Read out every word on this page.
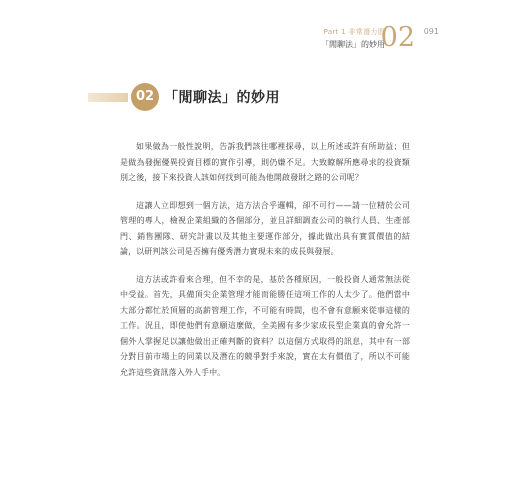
Part 1 非常潛力股
「閒聊法」的妙用
02 091
02 「閒聊法」的妙用

如果做為一般性說明，告訴我們該往哪裡探尋，以上所述或許有所助益；但是做為發掘優異投資目標的實作引導，則仍嫌不足。大致瞭解所應尋求的投資類別之後，接下來投資人該如何找到可能為他開啟發財之路的公司呢？

這讓人立即想到一個方法，這方法合乎邏輯，卻不可行——請一位精於公司管理的專人，檢視企業組織的各個部分，並且詳細調查公司的執行人員、生產部門、銷售團隊、研究計畫以及其他主要運作部分，據此做出具有實質價值的結論，以研判該公司是否擁有優秀潛力實現未來的成長與發展。

這方法或許看來合理，但不幸的是，基於各種原因，一般投資人通常無法從中受益。首先，具備頂尖企業管理才能而能勝任這項工作的人太少了。他們當中大部分都忙於頂層的高薪管理工作，不可能有時間，也不會有意願來從事這樣的工作。況且，即使他們有意願這麼做，全美國有多少家成長型企業真的會允許一個外人掌握足以讓他做出正確判斷的資料？以這個方式取得的訊息，其中有一部分對目前市場上的同業以及潛在的競爭對手來說，實在太有價值了，所以不可能允許這些資訊落入外人手中。
